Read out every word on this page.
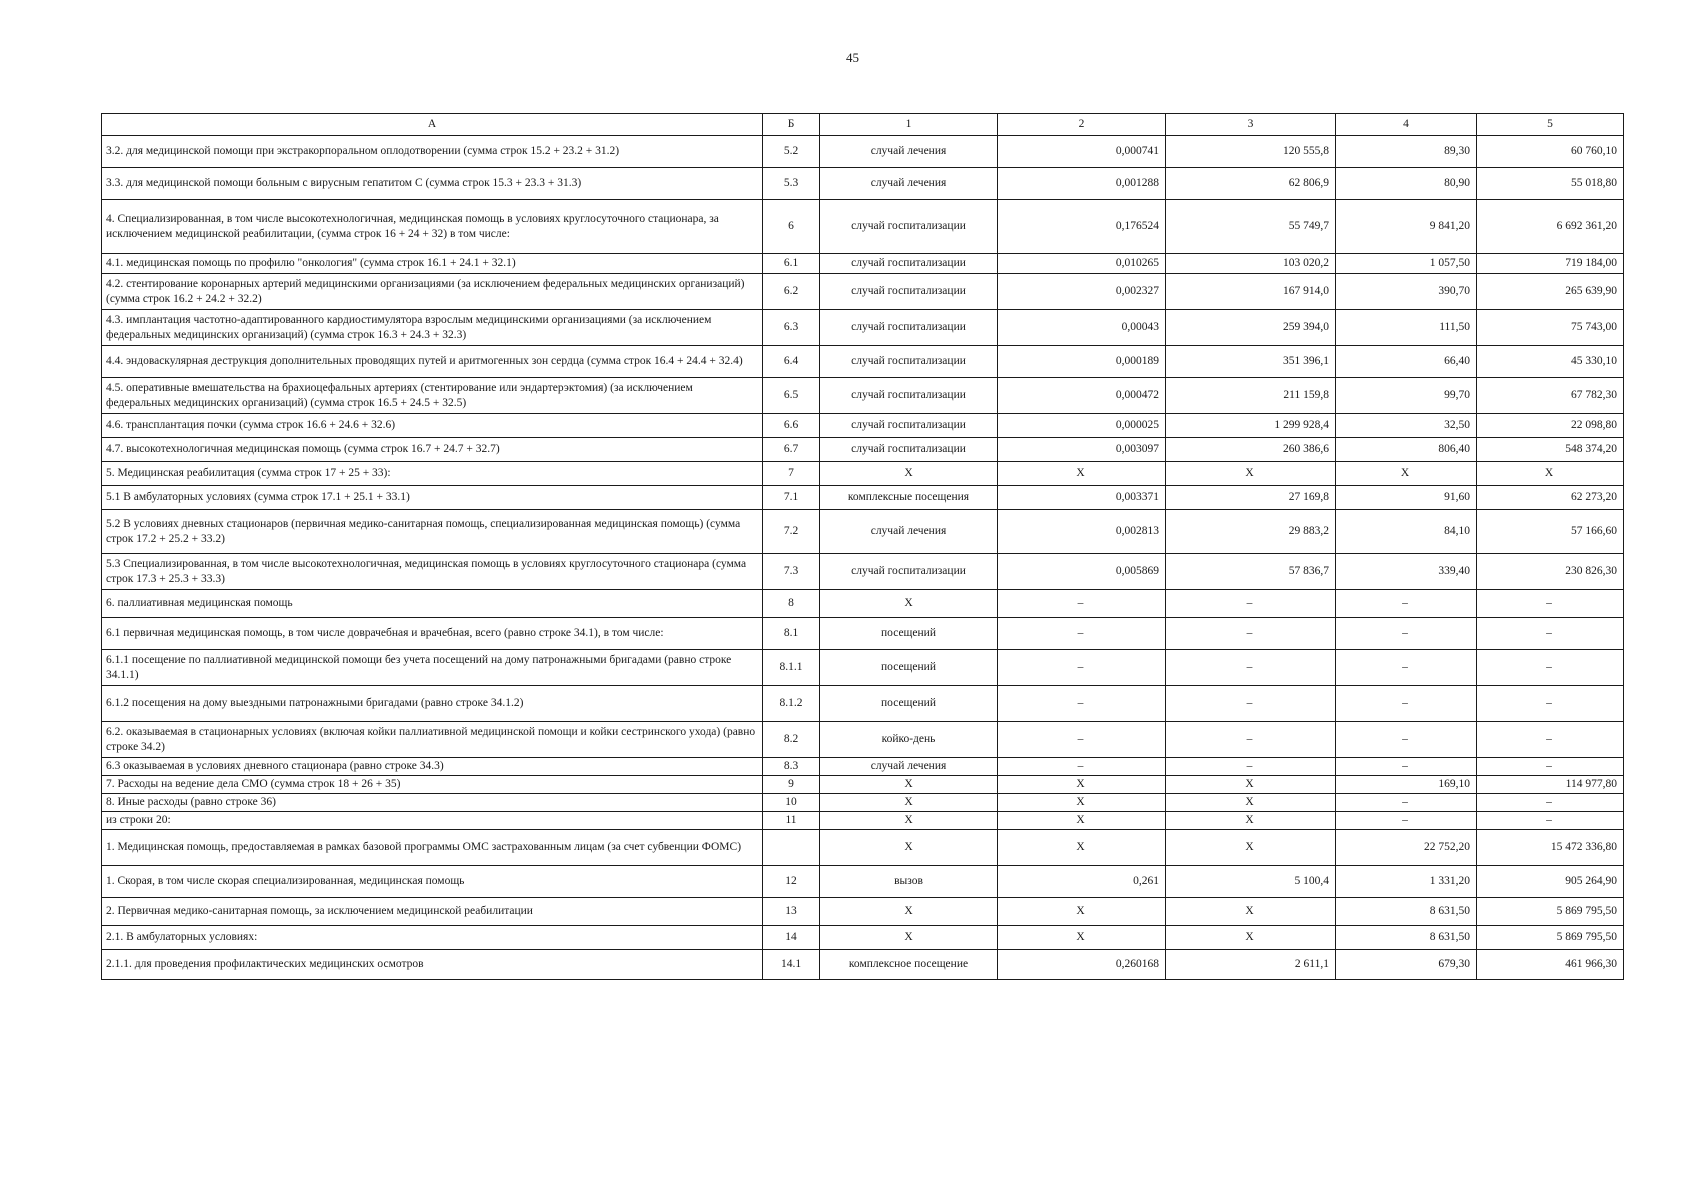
45
А	Б	1	2	3	4	5
3.2. для медицинской помощи при экстракорпоральном оплодотворении (сумма строк 15.2 + 23.2 + 31.2)	5.2	случай лечения	0,000741	120 555,8	89,30	60 760,10
3.3. для медицинской помощи больным с вирусным гепатитом С (сумма строк 15.3 + 23.3 + 31.3)	5.3	случай лечения	0,001288	62 806,9	80,90	55 018,80
4. Специализированная, в том числе высокотехнологичная, медицинская помощь в условиях круглосуточного стационара, за исключением медицинской реабилитации, (сумма строк 16 + 24 + 32) в том числе:	6	случай госпитализации	0,176524	55 749,7	9 841,20	6 692 361,20
4.1. медицинская помощь по профилю "онкология" (сумма строк 16.1 + 24.1 + 32.1)	6.1	случай госпитализации	0,010265	103 020,2	1 057,50	719 184,00
4.2. стентирование коронарных артерий медицинскими организациями (за исключением федеральных медицинских организаций) (сумма строк 16.2 + 24.2 + 32.2)	6.2	случай госпитализации	0,002327	167 914,0	390,70	265 639,90
4.3. имплантация частотно-адаптированного кардиостимулятора взрослым медицинскими организациями (за исключением федеральных медицинских организаций) (сумма строк 16.3 + 24.3 + 32.3)	6.3	случай госпитализации	0,00043	259 394,0	111,50	75 743,00
4.4. эндоваскулярная деструкция дополнительных проводящих путей и аритмогенных зон сердца (сумма строк 16.4 + 24.4 + 32.4)	6.4	случай госпитализации	0,000189	351 396,1	66,40	45 330,10
4.5. оперативные вмешательства на брахиоцефальных артериях (стентирование или эндартерэктомия) (за исключением федеральных медицинских организаций) (сумма строк 16.5 + 24.5 + 32.5)	6.5	случай госпитализации	0,000472	211 159,8	99,70	67 782,30
4.6. трансплантация почки (сумма строк 16.6 + 24.6 + 32.6)	6.6	случай госпитализации	0,000025	1 299 928,4	32,50	22 098,80
4.7. высокотехнологичная медицинская помощь (сумма строк 16.7 + 24.7 + 32.7)	6.7	случай госпитализации	0,003097	260 386,6	806,40	548 374,20
5. Медицинская реабилитация (сумма строк 17 + 25 + 33):	7	Х	Х	Х	Х	Х
5.1 В амбулаторных условиях (сумма строк 17.1 + 25.1 + 33.1)	7.1	комплексные посещения	0,003371	27 169,8	91,60	62 273,20
5.2 В условиях дневных стационаров (первичная медико-санитарная помощь, специализированная медицинская помощь) (сумма строк 17.2 + 25.2 + 33.2)	7.2	случай лечения	0,002813	29 883,2	84,10	57 166,60
5.3 Специализированная, в том числе высокотехнологичная, медицинская помощь в условиях круглосуточного стационара (сумма строк 17.3 + 25.3 + 33.3)	7.3	случай госпитализации	0,005869	57 836,7	339,40	230 826,30
6. паллиативная медицинская помощь	8	Х	–	–	–	–
6.1 первичная медицинская помощь, в том числе доврачебная и врачебная, всего (равно строке 34.1), в том числе:	8.1	посещений	–	–	–	–
6.1.1 посещение по паллиативной медицинской помощи без учета посещений на дому патронажными бригадами (равно строке 34.1.1)	8.1.1	посещений	–	–	–	–
6.1.2 посещения на дому выездными патронажными бригадами (равно строке 34.1.2)	8.1.2	посещений	–	–	–	–
6.2. оказываемая в стационарных условиях (включая койки паллиативной медицинской помощи и койки сестринского ухода) (равно строке 34.2)	8.2	койко-день	–	–	–	–
6.3 оказываемая в условиях дневного стационара (равно строке 34.3)	8.3	случай лечения	–	–	–	–
7. Расходы на ведение дела СМО (сумма строк 18 + 26 + 35)	9	Х	Х	Х	169,10	114 977,80
8. Иные расходы (равно строке 36)	10	Х	Х	Х	–	–
из строки 20:	11	Х	Х	Х	–	–
1. Медицинская помощь, предоставляемая в рамках базовой программы ОМС застрахованным лицам (за счет субвенции ФОМС)		Х	Х	Х	22 752,20	15 472 336,80
1. Скорая, в том числе скорая специализированная, медицинская помощь	12	вызов	0,261	5 100,4	1 331,20	905 264,90
2. Первичная медико-санитарная помощь, за исключением медицинской реабилитации	13	Х	Х	Х	8 631,50	5 869 795,50
2.1. В амбулаторных условиях:	14	Х	Х	Х	8 631,50	5 869 795,50
2.1.1. для проведения профилактических медицинских осмотров	14.1	комплексное посещение	0,260168	2 611,1	679,30	461 966,30
